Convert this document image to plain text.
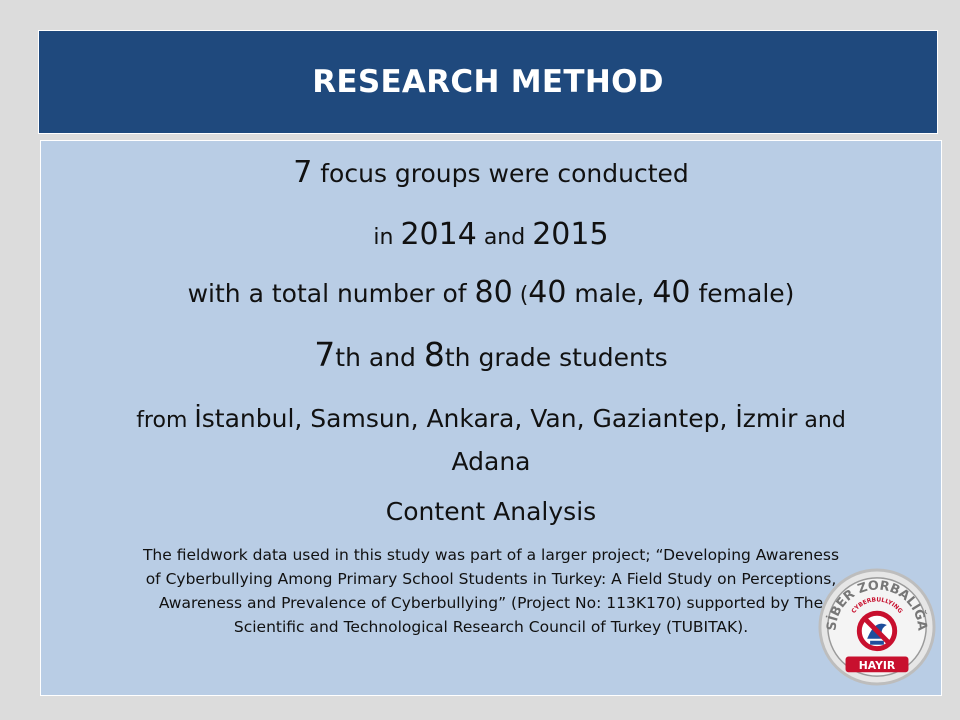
RESEARCH METHOD
7 focus groups were conducted
in 2014 and 2015
with a total number of 80 (40 male, 40 female)
7th and 8th grade students
from İstanbul, Samsun, Ankara, Van, Gaziantep, İzmir and
Adana
Content Analysis
The fieldwork data used in this study was part of a larger project; “Developing Awareness
of Cyberbullying Among Primary School Students in Turkey: A Field Study on Perceptions,
Awareness and Prevalence of Cyberbullying” (Project No: 113K170) supported by The
Scientific and Technological Research Council of Turkey (TUBITAK).	SİBER ZORBALIĞA
CYBERBULLYING
HAYIR
